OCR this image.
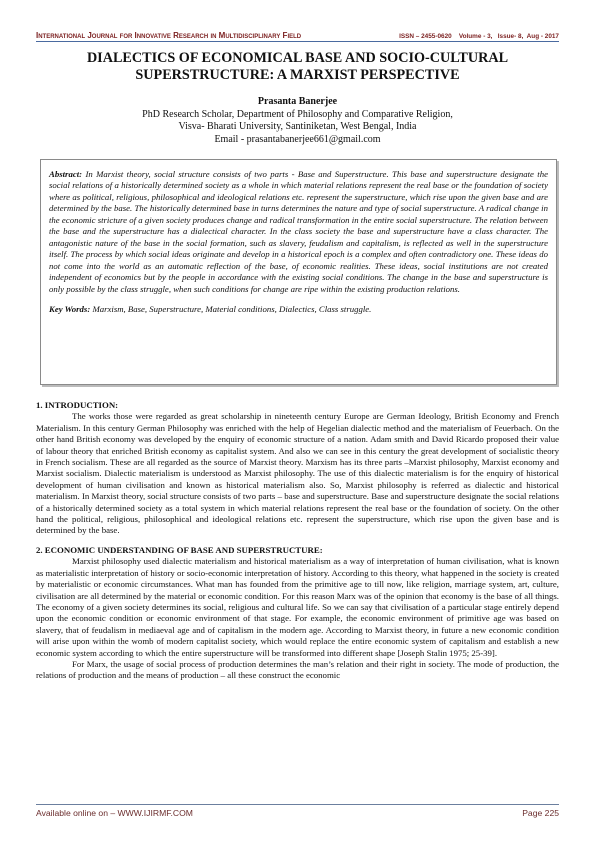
International Journal for Innovative Research in Multidisciplinary Field	ISSN – 2455-0620 Volume - 3, Issue- 8, Aug - 2017
DIALECTICS OF ECONOMICAL BASE AND SOCIO-CULTURAL SUPERSTRUCTURE: A MARXIST PERSPECTIVE
Prasanta Banerjee
PhD Research Scholar, Department of Philosophy and Comparative Religion,
Visva- Bharati University, Santiniketan, West Bengal, India
Email - prasantabanerjee661@gmail.com
Abstract: In Marxist theory, social structure consists of two parts - Base and Superstructure. This base and superstructure designate the social relations of a historically determined society as a whole in which material relations represent the real base or the foundation of society where as political, religious, philosophical and ideological relations etc. represent the superstructure, which rise upon the given base and are determined by the base. The historically determined base in turns determines the nature and type of social superstructure. A radical change in the economic stricture of a given society produces change and radical transformation in the entire social superstructure. The relation between the base and the superstructure has a dialectical character. In the class society the base and superstructure have a class character. The antagonistic nature of the base in the social formation, such as slavery, feudalism and capitalism, is reflected as well in the superstructure itself. The process by which social ideas originate and develop in a historical epoch is a complex and often contradictory one. These ideas do not come into the world as an automatic reflection of the base, of economic realities. These ideas, social institutions are not created independent of economics but by the people in accordance with the existing social conditions. The change in the base and superstructure is only possible by the class struggle, when such conditions for change are ripe within the existing production relations.
Key Words: Marxism, Base, Superstructure, Material conditions, Dialectics, Class struggle.

1. INTRODUCTION:

The works those were regarded as great scholarship in nineteenth century Europe are German Ideology, British Economy and French Materialism. In this century German Philosophy was enriched with the help of Hegelian dialectic method and the materialism of Feuerbach. On the other hand British economy was developed by the enquiry of economic structure of a nation. Adam smith and David Ricardo proposed their value of labour theory that enriched British economy as capitalist system. And also we can see in this century the great development of socialistic theory in French socialism. These are all regarded as the source of Marxist theory. Marxism has its three parts –Marxist philosophy, Marxist economy and Marxist socialism. Dialectic materialism is understood as Marxist philosophy. The use of this dialectic materialism is for the enquiry of historical development of human civilisation and known as historical materialism also. So, Marxist philosophy is referred as dialectic and historical materialism. In Marxist theory, social structure consists of two parts – base and superstructure. Base and superstructure designate the social relations of a historically determined society as a total system in which material relations represent the real base or the foundation of society. On the other hand the political, religious, philosophical and ideological relations etc. represent the superstructure, which rise upon the given base and is determined by the base.

2. ECONOMIC UNDERSTANDING OF BASE AND SUPERSTRUCTURE:

Marxist philosophy used dialectic materialism and historical materialism as a way of interpretation of human civilisation, what is known as materialistic interpretation of history or socio-economic interpretation of history. According to this theory, what happened in the society is created by materialistic or economic circumstances. What man has founded from the primitive age to till now, like religion, marriage system, art, culture, civilisation are all determined by the material or economic condition. For this reason Marx was of the opinion that economy is the base of all things. The economy of a given society determines its social, religious and cultural life. So we can say that civilisation of a particular stage entirely depend upon the economic condition or economic environment of that stage. For example, the economic environment of primitive age was based on slavery, that of feudalism in mediaeval age and of capitalism in the modern age. According to Marxist theory, in future a new economic condition will arise upon within the womb of modern capitalist society, which would replace the entire economic system of capitalism and establish a new economic system according to which the entire superstructure will be transformed into different shape [Joseph Stalin 1975; 25-39].

For Marx, the usage of social process of production determines the man’s relation and their right in society. The mode of production, the relations of production and the means of production – all these construct the economic

Available online on – WWW.IJIRMF.COM	Page 225
